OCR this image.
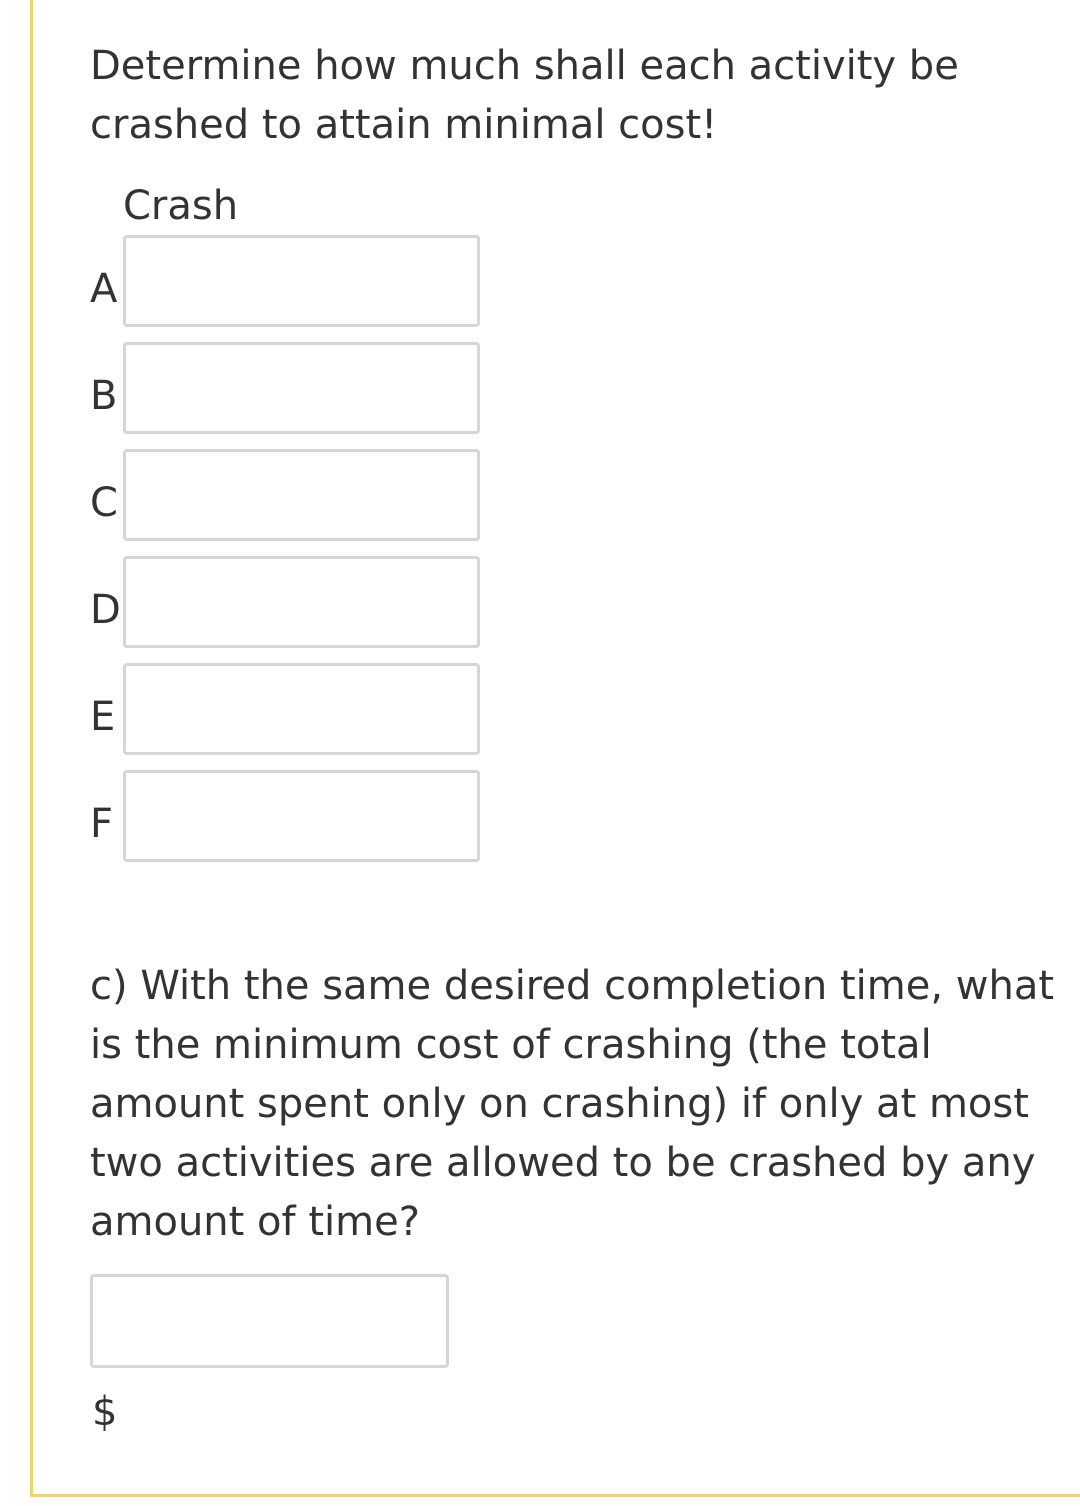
Determine how much shall each activity be crashed to attain minimal cost!

Crash
A
B
C
D
E
F

c) With the same desired completion time, what is the minimum cost of crashing (the total amount spent only on crashing) if only at most two activities are allowed to be crashed by any amount of time?

$
